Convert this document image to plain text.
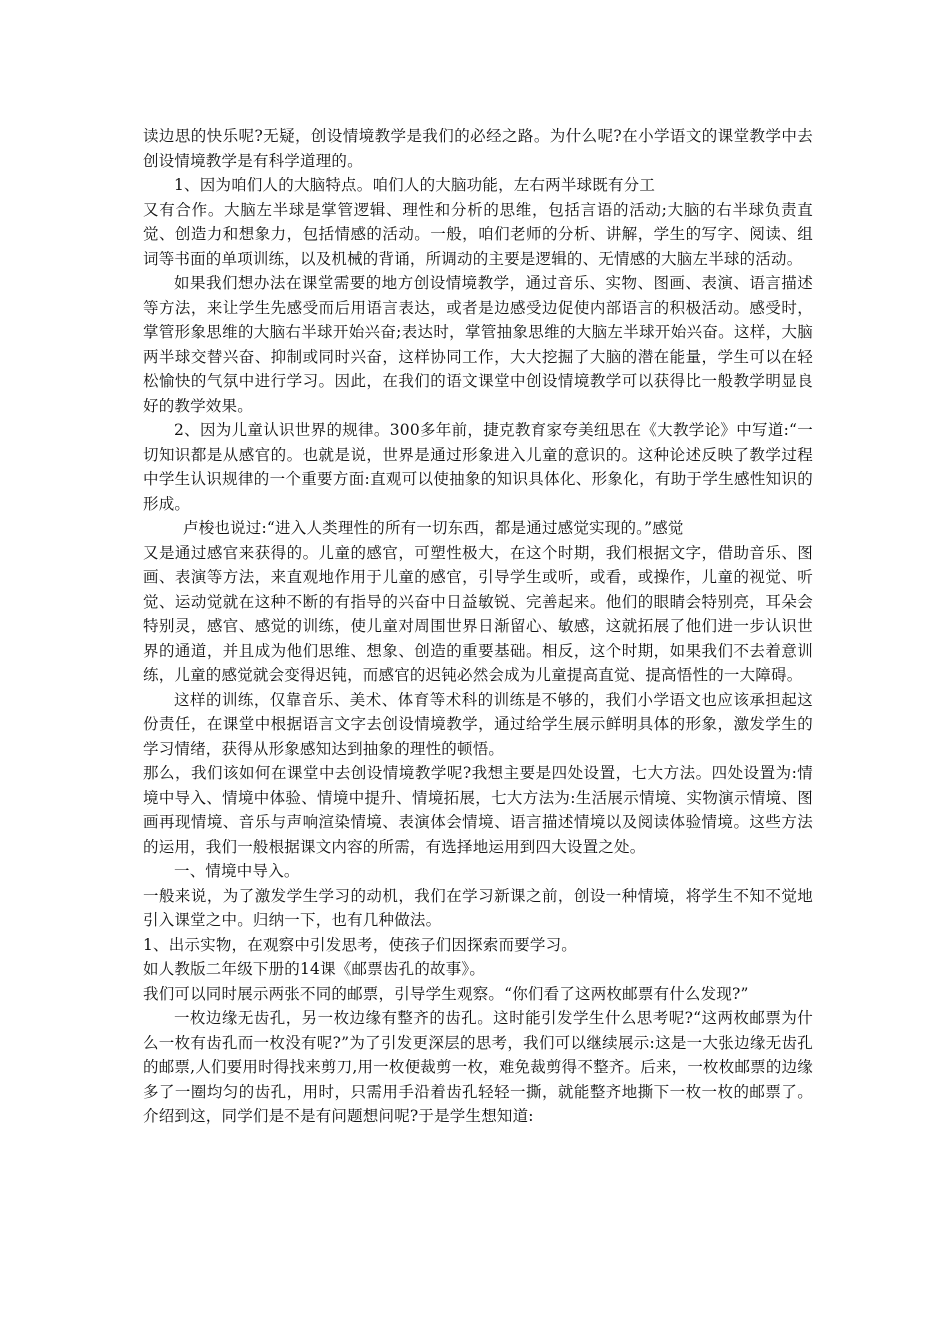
读边思的快乐呢?无疑，创设情境教学是我们的必经之路。为什么呢?在小学语文的课堂教学中去创设情境教学是有科学道理的。

1、因为咱们人的大脑特点。咱们人的大脑功能，左右两半球既有分工

又有合作。大脑左半球是掌管逻辑、理性和分析的思维，包括言语的活动;大脑的右半球负责直觉、创造力和想象力，包括情感的活动。一般，咱们老师的分析、讲解，学生的写字、阅读、组词等书面的单项训练，以及机械的背诵，所调动的主要是逻辑的、无情感的大脑左半球的活动。

如果我们想办法在课堂需要的地方创设情境教学，通过音乐、实物、图画、表演、语言描述等方法，来让学生先感受而后用语言表达，或者是边感受边促使内部语言的积极活动。感受时，掌管形象思维的大脑右半球开始兴奋;表达时，掌管抽象思维的大脑左半球开始兴奋。这样，大脑两半球交替兴奋、抑制或同时兴奋，这样协同工作，大大挖掘了大脑的潜在能量，学生可以在轻松愉快的气氛中进行学习。因此，在我们的语文课堂中创设情境教学可以获得比一般教学明显良好的教学效果。

2、因为儿童认识世界的规律。300多年前，捷克教育家夸美纽思在《大教学论》中写道:“一切知识都是从感官的。也就是说，世界是通过形象进入儿童的意识的。这种论述反映了教学过程中学生认识规律的一个重要方面:直观可以使抽象的知识具体化、形象化，有助于学生感性知识的形成。

卢梭也说过:“进入人类理性的所有一切东西，都是通过感觉实现的。”感觉

又是通过感官来获得的。儿童的感官，可塑性极大，在这个时期，我们根据文字，借助音乐、图画、表演等方法，来直观地作用于儿童的感官，引导学生或听，或看，或操作，儿童的视觉、听觉、运动觉就在这种不断的有指导的兴奋中日益敏锐、完善起来。他们的眼睛会特别亮，耳朵会特别灵，感官、感觉的训练，使儿童对周围世界日渐留心、敏感，这就拓展了他们进一步认识世界的通道，并且成为他们思维、想象、创造的重要基础。相反，这个时期，如果我们不去着意训练，儿童的感觉就会变得迟钝，而感官的迟钝必然会成为儿童提高直觉、提高悟性的一大障碍。

这样的训练，仅靠音乐、美术、体育等术科的训练是不够的，我们小学语文也应该承担起这份责任，在课堂中根据语言文字去创设情境教学，通过给学生展示鲜明具体的形象，激发学生的学习情绪，获得从形象感知达到抽象的理性的顿悟。

那么，我们该如何在课堂中去创设情境教学呢?我想主要是四处设置，七大方法。四处设置为:情境中导入、情境中体验、情境中提升、情境拓展，七大方法为:生活展示情境、实物演示情境、图画再现情境、音乐与声响渲染情境、表演体会情境、语言描述情境以及阅读体验情境。这些方法的运用，我们一般根据课文内容的所需，有选择地运用到四大设置之处。

一、情境中导入。

一般来说，为了激发学生学习的动机，我们在学习新课之前，创设一种情境，将学生不知不觉地引入课堂之中。归纳一下，也有几种做法。

1、出示实物，在观察中引发思考，使孩子们因探索而要学习。

如人教版二年级下册的14课《邮票齿孔的故事》。

我们可以同时展示两张不同的邮票，引导学生观察。“你们看了这两枚邮票有什么发现?”

一枚边缘无齿孔，另一枚边缘有整齐的齿孔。这时能引发学生什么思考呢?“这两枚邮票为什么一枚有齿孔而一枚没有呢?”为了引发更深层的思考，我们可以继续展示:这是一大张边缘无齿孔的邮票,人们要用时得找来剪刀,用一枚便裁剪一枚，难免裁剪得不整齐。后来，一枚枚邮票的边缘多了一圈均匀的齿孔，用时，只需用手沿着齿孔轻轻一撕，就能整齐地撕下一枚一枚的邮票了。介绍到这，同学们是不是有问题想问呢?于是学生想知道:
